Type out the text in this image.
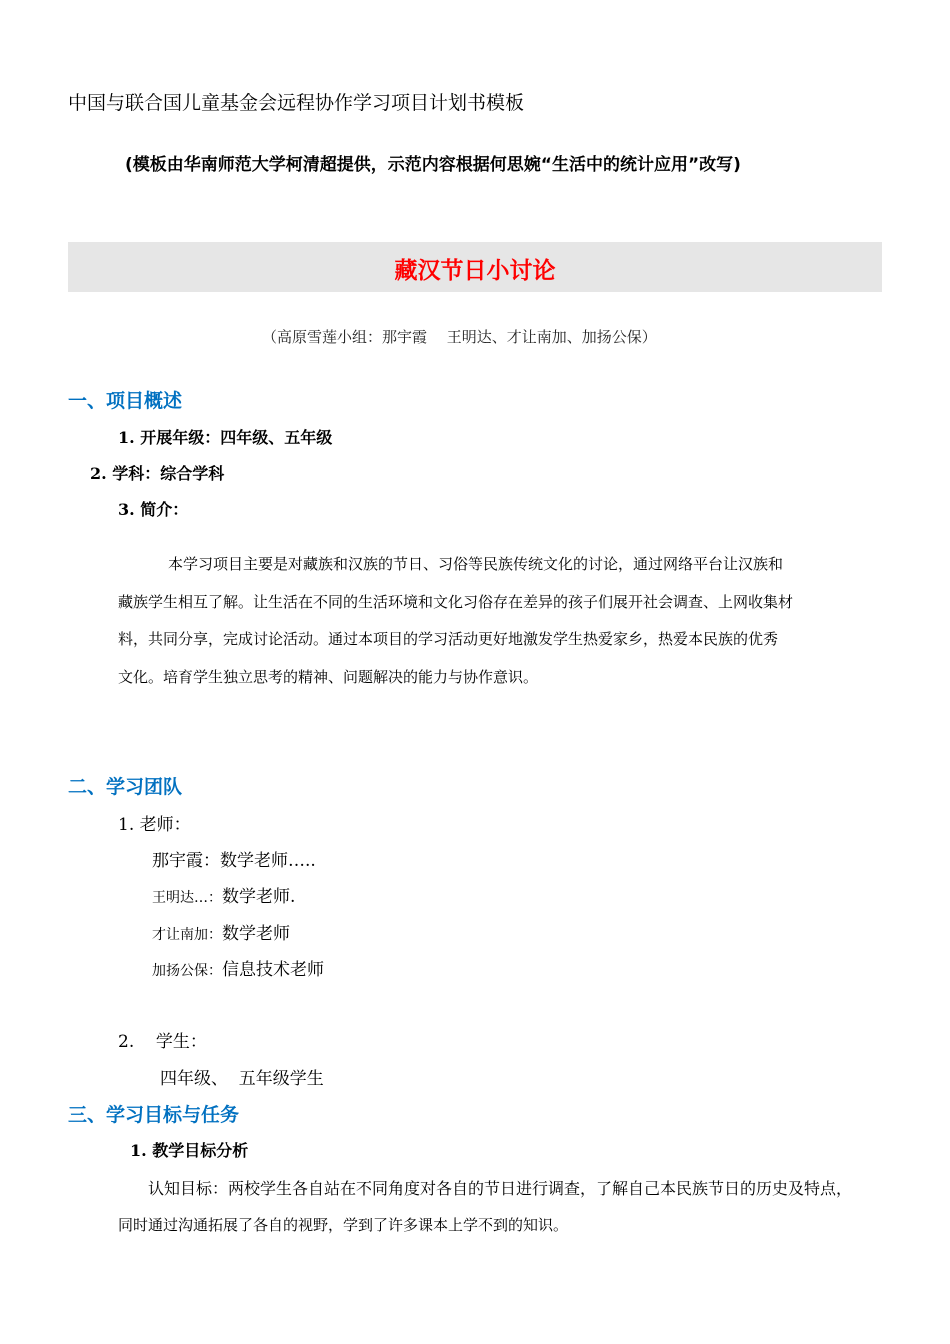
中国与联合国儿童基金会远程协作学习项目计划书模板
(模板由华南师范大学柯清超提供，示范内容根据何思婉“生活中的统计应用”改写)
藏汉节日小讨论
（高原雪莲小组：那宇霞　 王明达、才让南加、加扬公保）
一、项目概述
1. 开展年级：四年级、五年级
2. 学科：综合学科
3. 简介：
本学习项目主要是对藏族和汉族的节日、习俗等民族传统文化的讨论，通过网络平台让汉族和
藏族学生相互了解。让生活在不同的生活环境和文化习俗存在差异的孩子们展开社会调查、上网收集材
料，共同分享，完成讨论活动。通过本项目的学习活动更好地激发学生热爱家乡，热爱本民族的优秀
文化。培育学生独立思考的精神、问题解决的能力与协作意识。
二、学习团队
1. 老师：
那宇霞：数学老师…..
王明达…：数学老师.
才让南加：数学老师
加扬公保：信息技术老师
2.    学生：
四年级、  五年级学生
三、学习目标与任务
1. 教学目标分析
认知目标：两校学生各自站在不同角度对各自的节日进行调查，了解自己本民族节日的历史及特点，
同时通过沟通拓展了各自的视野，学到了许多课本上学不到的知识。
